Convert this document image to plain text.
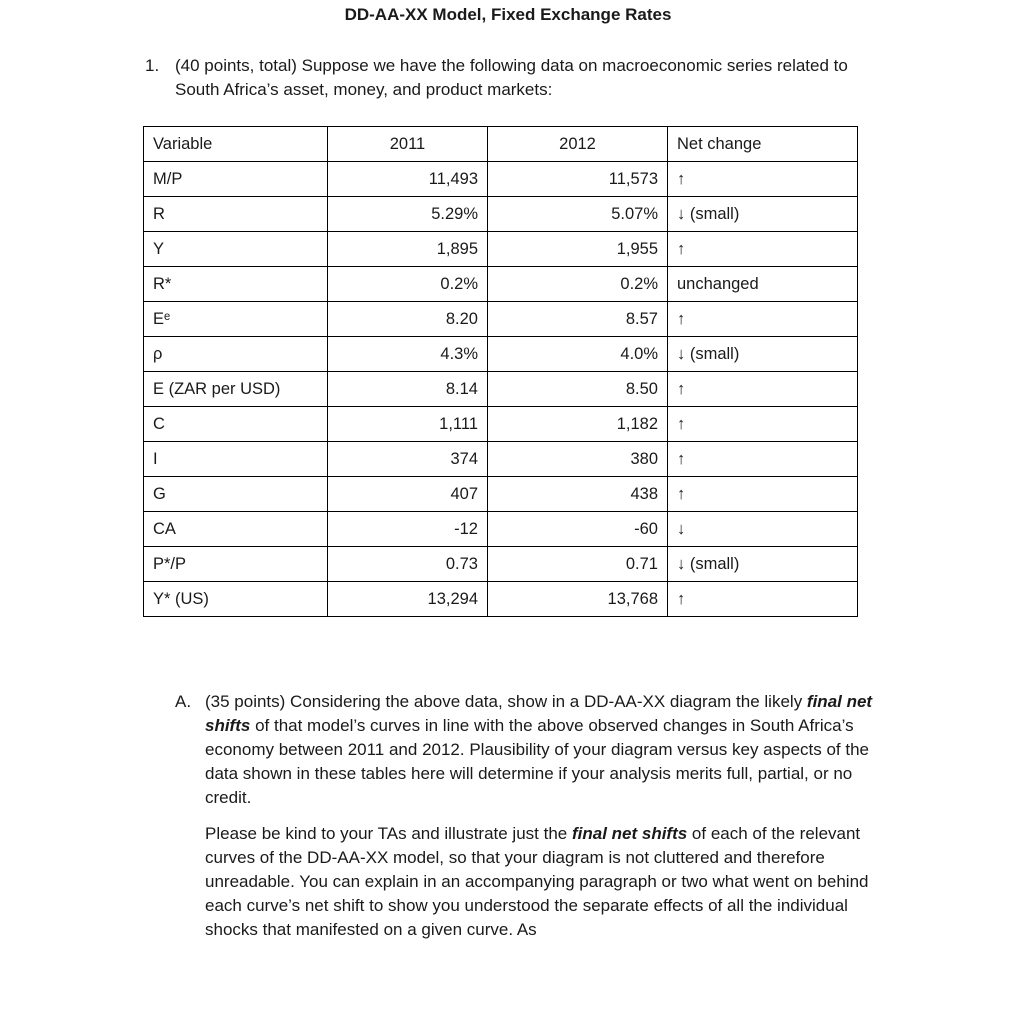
DD-AA-XX Model, Fixed Exchange Rates
1. (40 points, total) Suppose we have the following data on macroeconomic series related to South Africa’s asset, money, and product markets:
Variable	2011	2012	Net change
M/P	11,493	11,573	↑
R	5.29%	5.07%	↓ (small)
Y	1,895	1,955	↑
R*	0.2%	0.2%	unchanged
Eᵉ	8.20	8.57	↑
ρ	4.3%	4.0%	↓ (small)
E (ZAR per USD)	8.14	8.50	↑
C	1,111	1,182	↑
I	374	380	↑
G	407	438	↑
CA	-12	-60	↓
P*/P	0.73	0.71	↓ (small)
Y* (US)	13,294	13,768	↑
A. (35 points) Considering the above data, show in a DD-AA-XX diagram the likely final net shifts of that model’s curves in line with the above observed changes in South Africa’s economy between 2011 and 2012. Plausibility of your diagram versus key aspects of the data shown in these tables here will determine if your analysis merits full, partial, or no credit.

Please be kind to your TAs and illustrate just the final net shifts of each of the relevant curves of the DD-AA-XX model, so that your diagram is not cluttered and therefore unreadable. You can explain in an accompanying paragraph or two what went on behind each curve’s net shift to show you understood the separate effects of all the individual shocks that manifested on a given curve. As
